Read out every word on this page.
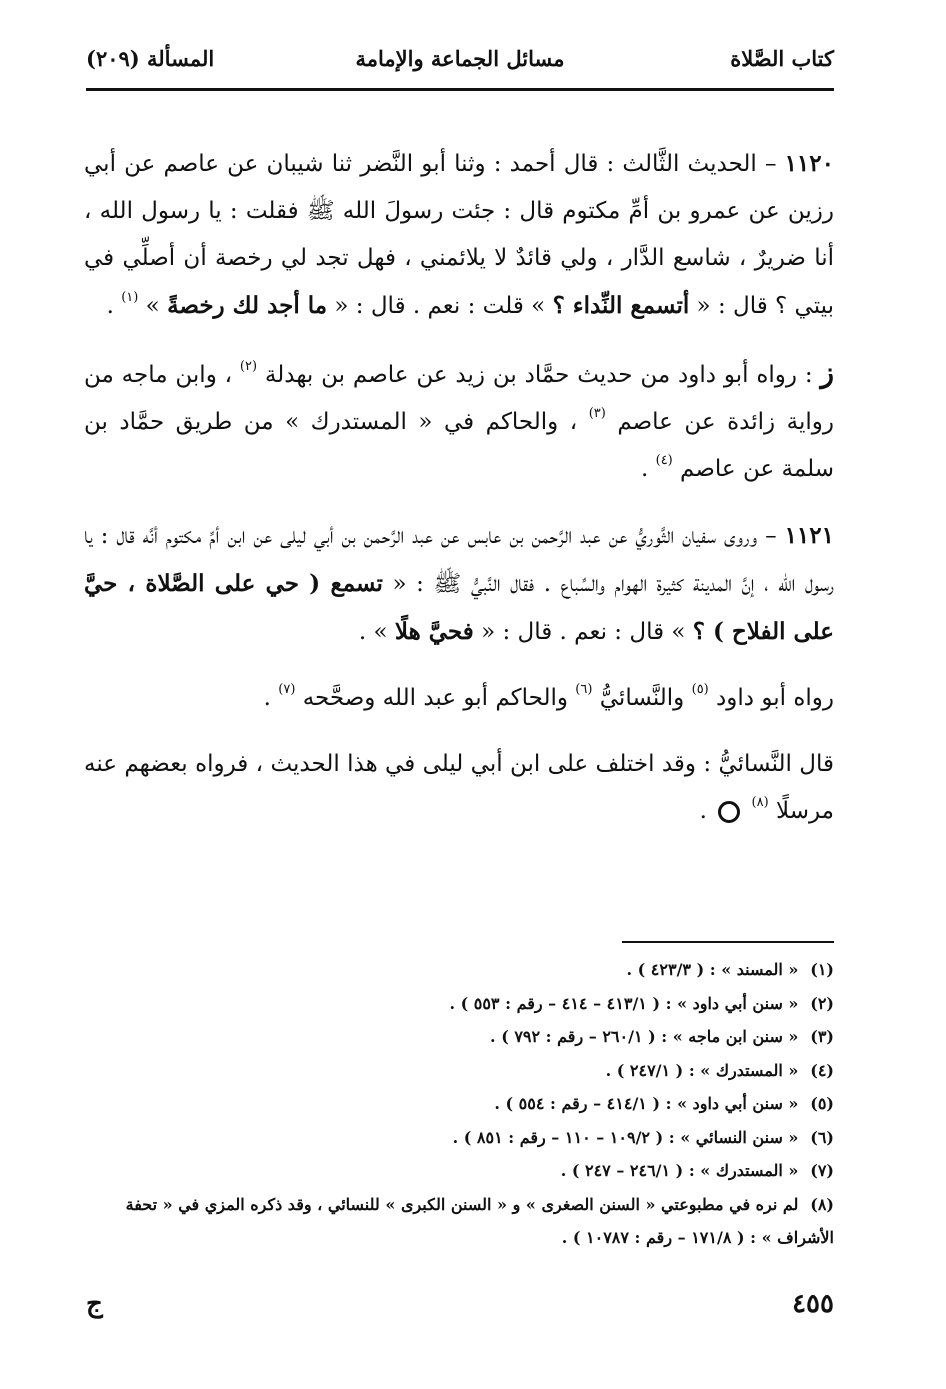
كتاب الصَّلاة
مسائل الجماعة والإمامة
المسألة (٢٠٩)

١١٢٠ – الحديث الثَّالث : قال أحمد : وثنا أبو النَّضر ثنا شيبان عن عاصم عن أبي رزين عن عمرو بن أمِّ مكتوم قال : جئت رسولَ الله ﷺ فقلت : يا رسول الله ، أنا ضريرٌ ، شاسع الدَّار ، ولي قائدٌ لا يلائمني ، فهل تجد لي رخصة أن أصلِّي في بيتي ؟ قال : « أتسمع النِّداء ؟ » قلت : نعم . قال : « ما أجد لك رخصةً » $^{(١)}$ .

ز : رواه أبو داود من حديث حمَّاد بن زيد عن عاصم بن بهدلة $^{(٢)}$ ، وابن ماجه من رواية زائدة عن عاصم $^{(٣)}$ ، والحاكم في « المستدرك » من طريق حمَّاد بن سلمة عن عاصم $^{(٤)}$ .

١١٢١ – وروى سفيان الثَّوريُّ عن عبد الرَّحمن بن عابس عن عبد الرَّحمن بن أبي ليلى عن ابن أمِّ مكتوم أنَّه قال : يا رسول الله ، إنَّ المدينة كثيرة الهوام والسِّباع . فقال النَّبيُّ ﷺ : « تسمع ( حي على الصَّلاة ، حيَّ على الفلاح ) ؟ » قال : نعم . قال : « فحيَّ هلًا » .

رواه أبو داود $^{(٥)}$ والنَّسائيُّ $^{(٦)}$ والحاكم أبو عبد الله وصحَّحه $^{(٧)}$ .

قال النَّسائيُّ : وقد اختلف على ابن أبي ليلى في هذا الحديث ، فرواه بعضهم عنه مرسلًا $^{(٨)}$  .

(١) « المسند » : ( ٤٢٣/٣ ) .
(٢) « سنن أبي داود » : ( ٤١٣/١ – ٤١٤ – رقم : ٥٥٣ ) .
(٣) « سنن ابن ماجه » : ( ٢٦٠/١ – رقم : ٧٩٢ ) .
(٤) « المستدرك » : ( ٢٤٧/١ ) .
(٥) « سنن أبي داود » : ( ٤١٤/١ – رقم : ٥٥٤ ) .
(٦) « سنن النسائي » : ( ١٠٩/٢ – ١١٠ – رقم : ٨٥١ ) .
(٧) « المستدرك » : ( ٢٤٦/١ – ٢٤٧ ) .
(٨) لم نره في مطبوعتي « السنن الصغرى » و « السنن الكبرى » للنسائي ، وقد ذكره المزي في « تحفة الأشراف » : ( ١٧١/٨ – رقم : ١٠٧٨٧ ) .
٤٥٥
ج
